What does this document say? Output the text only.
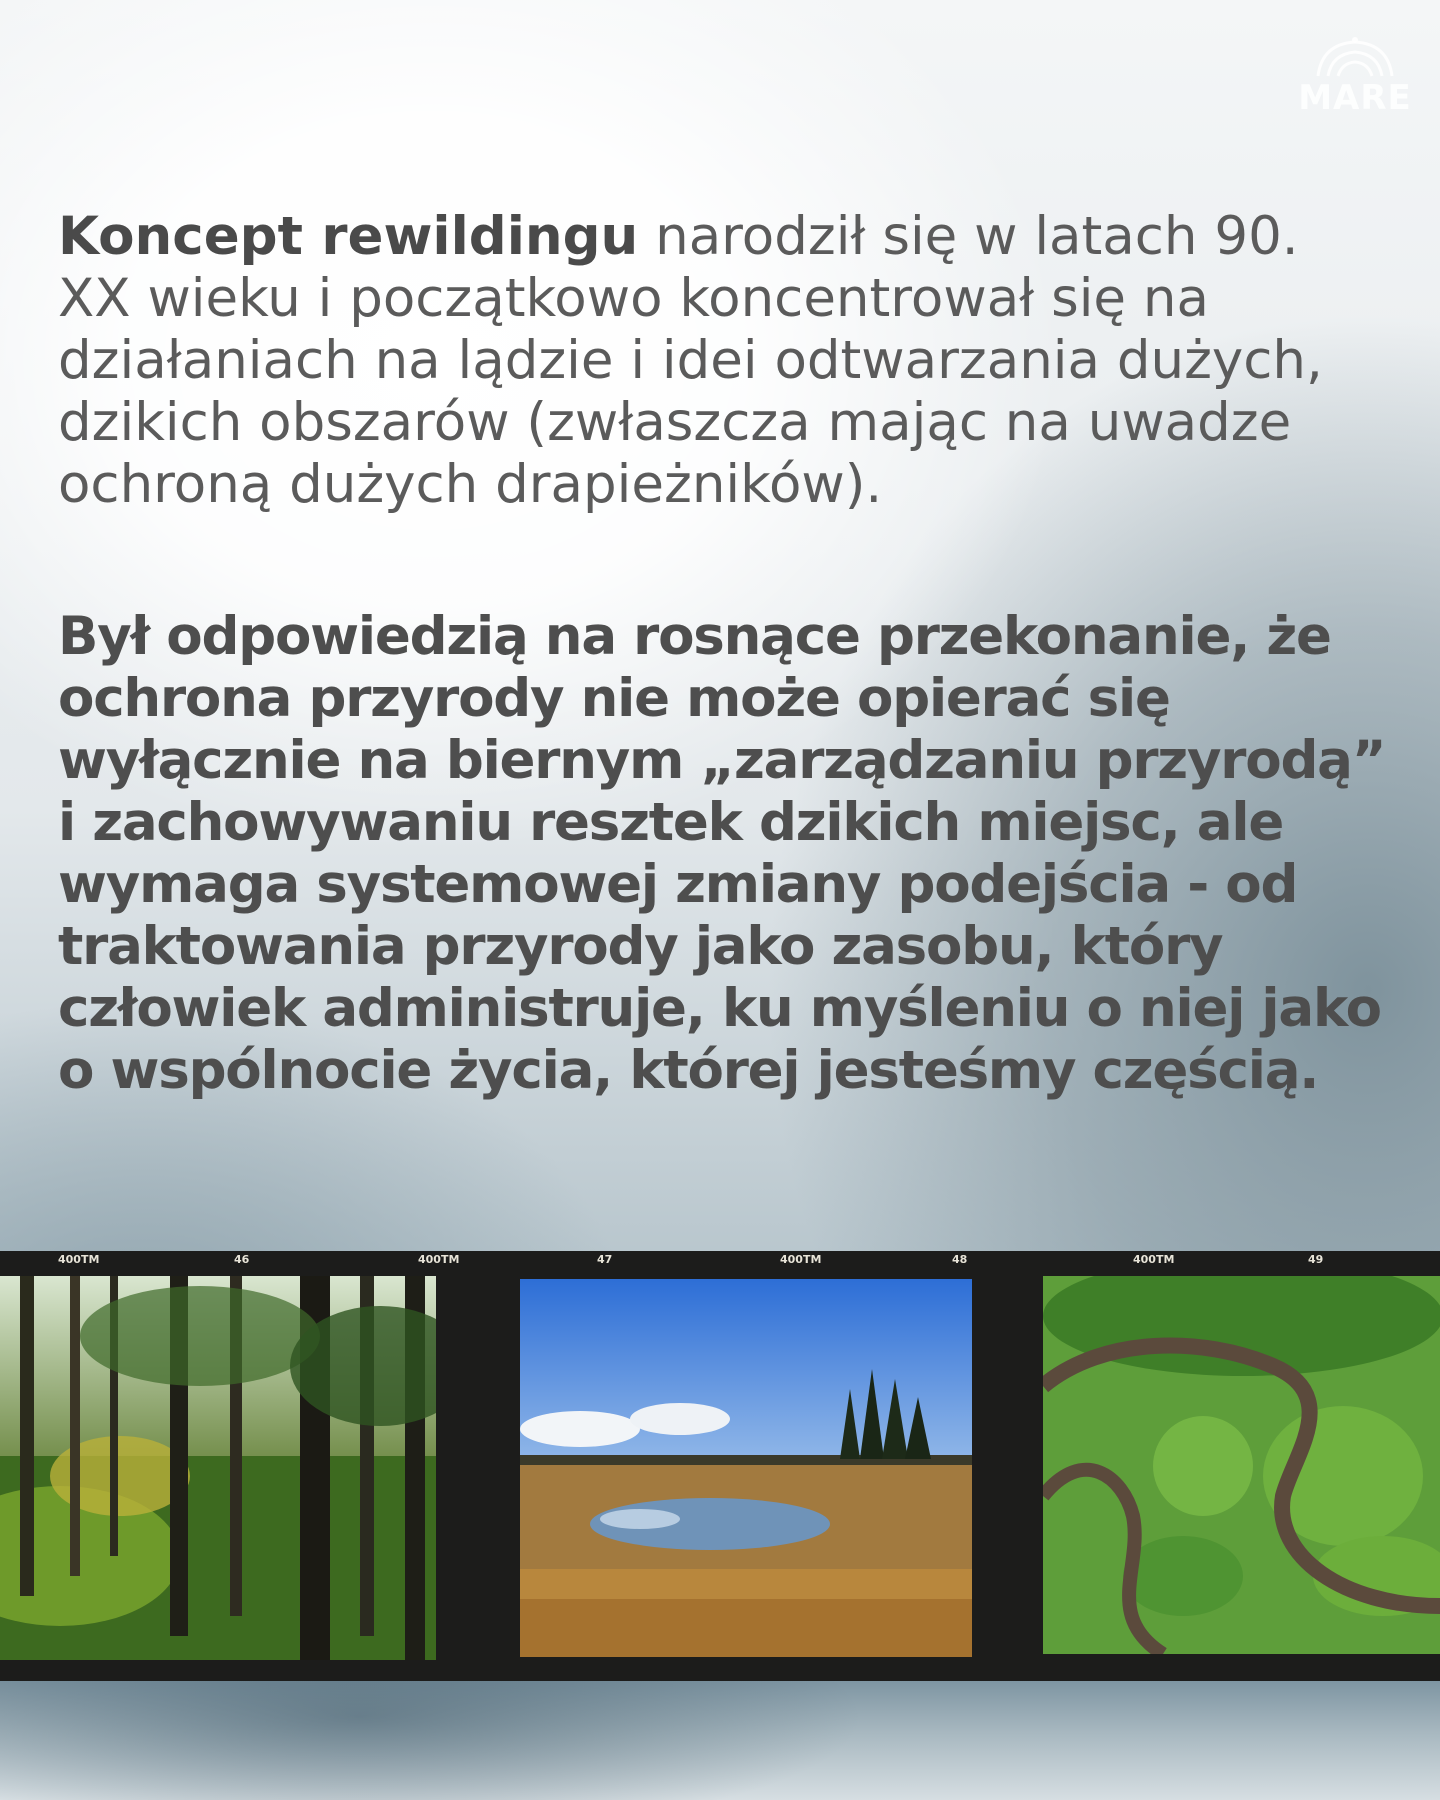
MARE

Koncept rewildingu narodził się w latach 90. XX wieku i początkowo koncentrował się na działaniach na lądzie i idei odtwarzania dużych, dzikich obszarów (zwłaszcza mając na uwadze ochroną dużych drapieżników).

Był odpowiedzią na rosnące przekonanie, że ochrona przyrody nie może opierać się wyłącznie na biernym „zarządzaniu przyrodą” i zachowywaniu resztek dzikich miejsc, ale wymaga systemowej zmiany podejścia - od traktowania przyrody jako zasobu, który człowiek administruje, ku myśleniu o niej jako o wspólnocie życia, której jesteśmy częścią.

400TM	46	400TM	47	400TM	48	400TM	49
